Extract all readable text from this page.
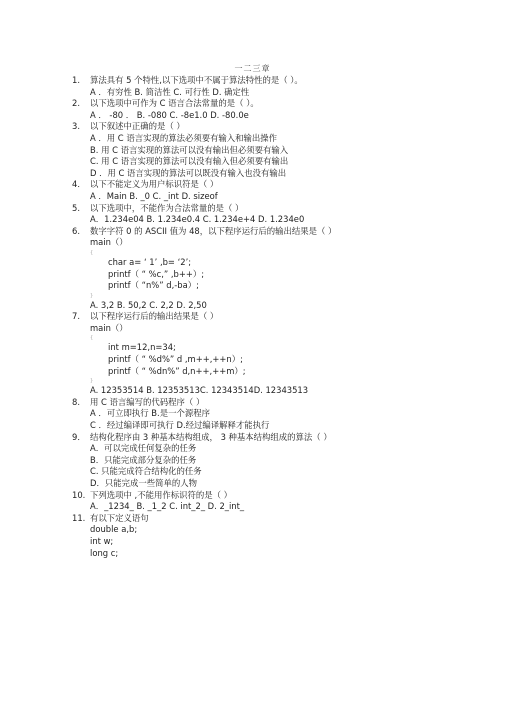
一二三章
1. 算法具有 5 个特性,以下选项中不属于算法特性的是（ ）。
A ．有穷性 B. 简洁性 C. 可行性 D. 确定性
2. 以下选项中可作为 C 语言合法常量的是（ ）。
A ． -80 ． B. -080 C. -8e1.0 D. -80.0e
3. 以下叙述中正确的是（ ）
A ．用 C 语言实现的算法必须要有输入和输出操作
B. 用 C 语言实现的算法可以没有输出但必须要有输入
C. 用 C 语言实现的算法可以没有输入但必须要有输出
D ．用 C 语言实现的算法可以既没有输入也没有输出
4． 以下不能定义为用户标识符是（ ）
A ．Main B. _0 C. _int D. sizeof
5. 以下选项中，不能作为合法常量的是（ ）
A．1.234e04 B. 1.234e0.4 C. 1.234e+4 D. 1.234e0
6. 数字字符 0 的 ASCII 值为 48，以下程序运行后的输出结果是（ ）
main（）
{
char a= ‘ 1’ ,b= ‘2’;
printf（ “ %c,” ,b++）;
printf（ “n%” d,-ba）;
}
A. 3,2 B. 50,2 C. 2,2 D. 2,50
7. 以下程序运行后的输出结果是（ ）
main（）
{
int m=12,n=34;
printf（ “ %d%” d ,m++,++n）;
printf（ “ %dn%” d,n++,++m）;
}
A. 12353514 B. 12353513C. 12343514D. 12343513
8. 用 C 语言编写的代码程序（ ）
A ．可立即执行 B.是一个源程序
C ．经过编译即可执行 D.经过编译解释才能执行
9． 结构化程序由 3 种基本结构组成， 3 种基本结构组成的算法（ ）
A．可以完成任何复杂的任务
B．只能完成部分复杂的任务
C. 只能完成符合结构化的任务
D．只能完成一些简单的人物
10. 下列选项中 ,不能用作标识符的是（ ）
A．_1234_ B. _1_2 C. int_2_ D. 2_int_
11. 有以下定义语句
double a,b;
int w;
long c;
